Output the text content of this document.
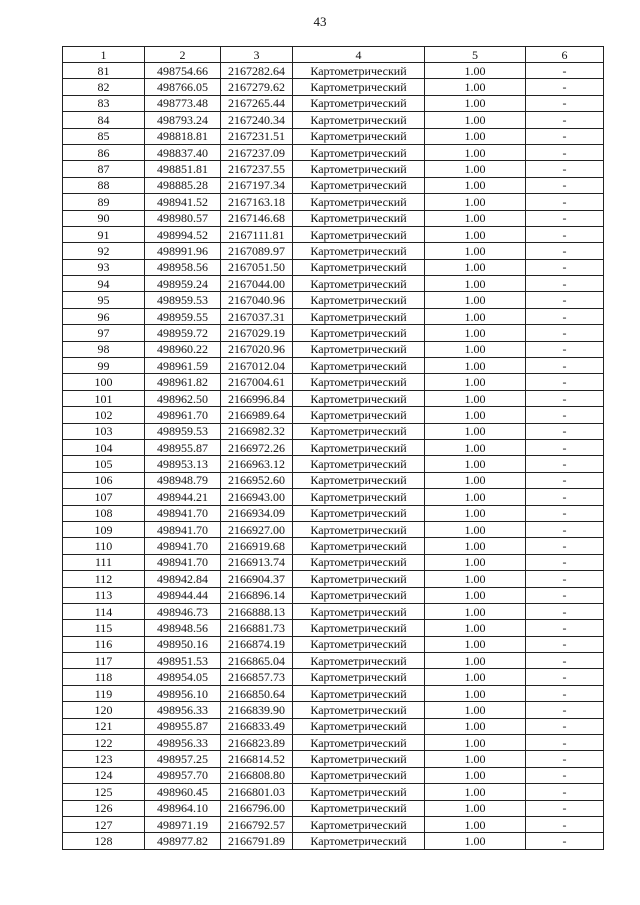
43
1	2	3	4	5	6
81	498754.66	2167282.64	Картометрический	1.00	-
82	498766.05	2167279.62	Картометрический	1.00	-
83	498773.48	2167265.44	Картометрический	1.00	-
84	498793.24	2167240.34	Картометрический	1.00	-
85	498818.81	2167231.51	Картометрический	1.00	-
86	498837.40	2167237.09	Картометрический	1.00	-
87	498851.81	2167237.55	Картометрический	1.00	-
88	498885.28	2167197.34	Картометрический	1.00	-
89	498941.52	2167163.18	Картометрический	1.00	-
90	498980.57	2167146.68	Картометрический	1.00	-
91	498994.52	2167111.81	Картометрический	1.00	-
92	498991.96	2167089.97	Картометрический	1.00	-
93	498958.56	2167051.50	Картометрический	1.00	-
94	498959.24	2167044.00	Картометрический	1.00	-
95	498959.53	2167040.96	Картометрический	1.00	-
96	498959.55	2167037.31	Картометрический	1.00	-
97	498959.72	2167029.19	Картометрический	1.00	-
98	498960.22	2167020.96	Картометрический	1.00	-
99	498961.59	2167012.04	Картометрический	1.00	-
100	498961.82	2167004.61	Картометрический	1.00	-
101	498962.50	2166996.84	Картометрический	1.00	-
102	498961.70	2166989.64	Картометрический	1.00	-
103	498959.53	2166982.32	Картометрический	1.00	-
104	498955.87	2166972.26	Картометрический	1.00	-
105	498953.13	2166963.12	Картометрический	1.00	-
106	498948.79	2166952.60	Картометрический	1.00	-
107	498944.21	2166943.00	Картометрический	1.00	-
108	498941.70	2166934.09	Картометрический	1.00	-
109	498941.70	2166927.00	Картометрический	1.00	-
110	498941.70	2166919.68	Картометрический	1.00	-
111	498941.70	2166913.74	Картометрический	1.00	-
112	498942.84	2166904.37	Картометрический	1.00	-
113	498944.44	2166896.14	Картометрический	1.00	-
114	498946.73	2166888.13	Картометрический	1.00	-
115	498948.56	2166881.73	Картометрический	1.00	-
116	498950.16	2166874.19	Картометрический	1.00	-
117	498951.53	2166865.04	Картометрический	1.00	-
118	498954.05	2166857.73	Картометрический	1.00	-
119	498956.10	2166850.64	Картометрический	1.00	-
120	498956.33	2166839.90	Картометрический	1.00	-
121	498955.87	2166833.49	Картометрический	1.00	-
122	498956.33	2166823.89	Картометрический	1.00	-
123	498957.25	2166814.52	Картометрический	1.00	-
124	498957.70	2166808.80	Картометрический	1.00	-
125	498960.45	2166801.03	Картометрический	1.00	-
126	498964.10	2166796.00	Картометрический	1.00	-
127	498971.19	2166792.57	Картометрический	1.00	-
128	498977.82	2166791.89	Картометрический	1.00	-
